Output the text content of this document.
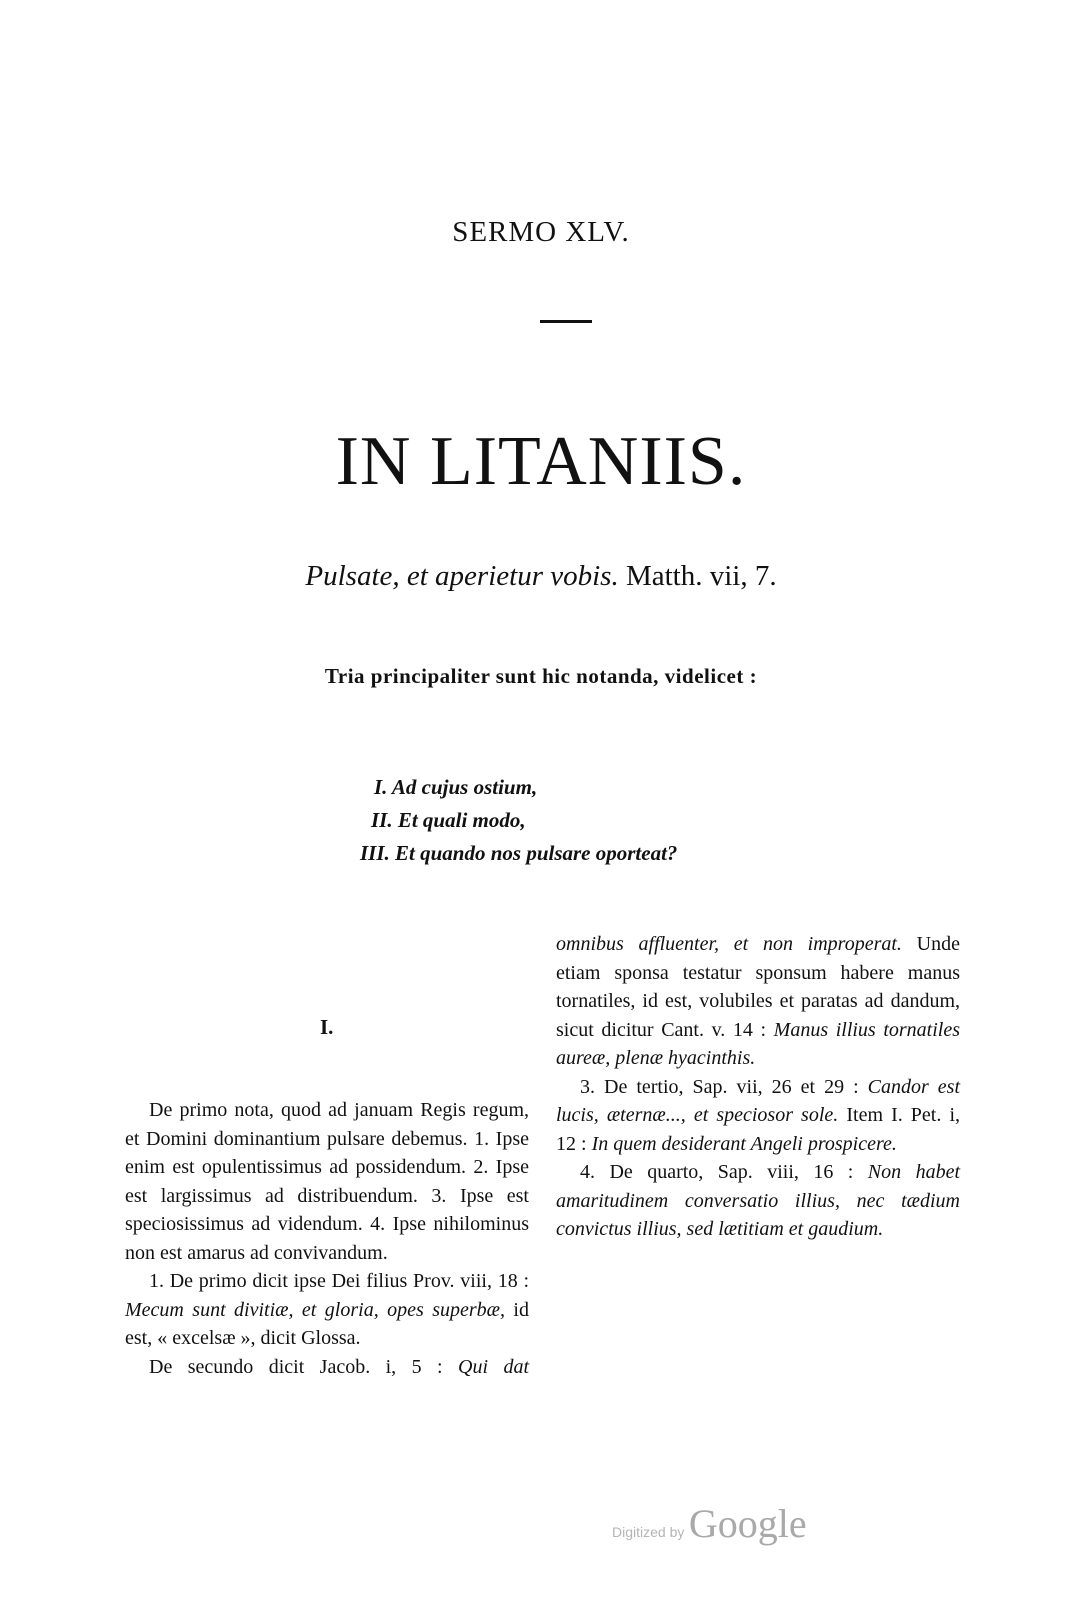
SERMO XLV.
IN LITANIIS.
Pulsate, et aperietur vobis. Matth. vii, 7.
Tria principaliter sunt hic notanda, videlicet :
I. Ad cujus ostium,
II. Et quali modo,
III. Et quando nos pulsare oporteat?
I.

De primo nota, quod ad januam Regis regum, et Domini dominantium pulsare debemus. 1. Ipse enim est opulentissimus ad possidendum. 2. Ipse est largissimus ad distribuendum. 3. Ipse est speciosissimus ad videndum. 4. Ipse nihilominus non est amarus ad convivandum.

1. De primo dicit ipse Dei filius Prov. viii, 18 : Mecum sunt divitiæ, et gloria, opes superbæ, id est, « excelsæ », dicit Glossa.

De secundo dicit Jacob. i, 5 : Qui dat

omnibus affluenter, et non improperat. Unde etiam sponsa testatur sponsum habere manus tornatiles, id est, volubiles et paratas ad dandum, sicut dicitur Cant. v. 14 : Manus illius tornatiles aureæ, plenæ hyacinthis.

3. De tertio, Sap. vii, 26 et 29 : Candor est lucis, æternæ..., et speciosor sole. Item I. Pet. i, 12 : In quem desiderant Angeli prospicere.

4. De quarto, Sap. viii, 16 : Non habet amaritudinem conversatio illius, nec tædium convictus illius, sed lætitiam et gaudium.

Digitized by Google
